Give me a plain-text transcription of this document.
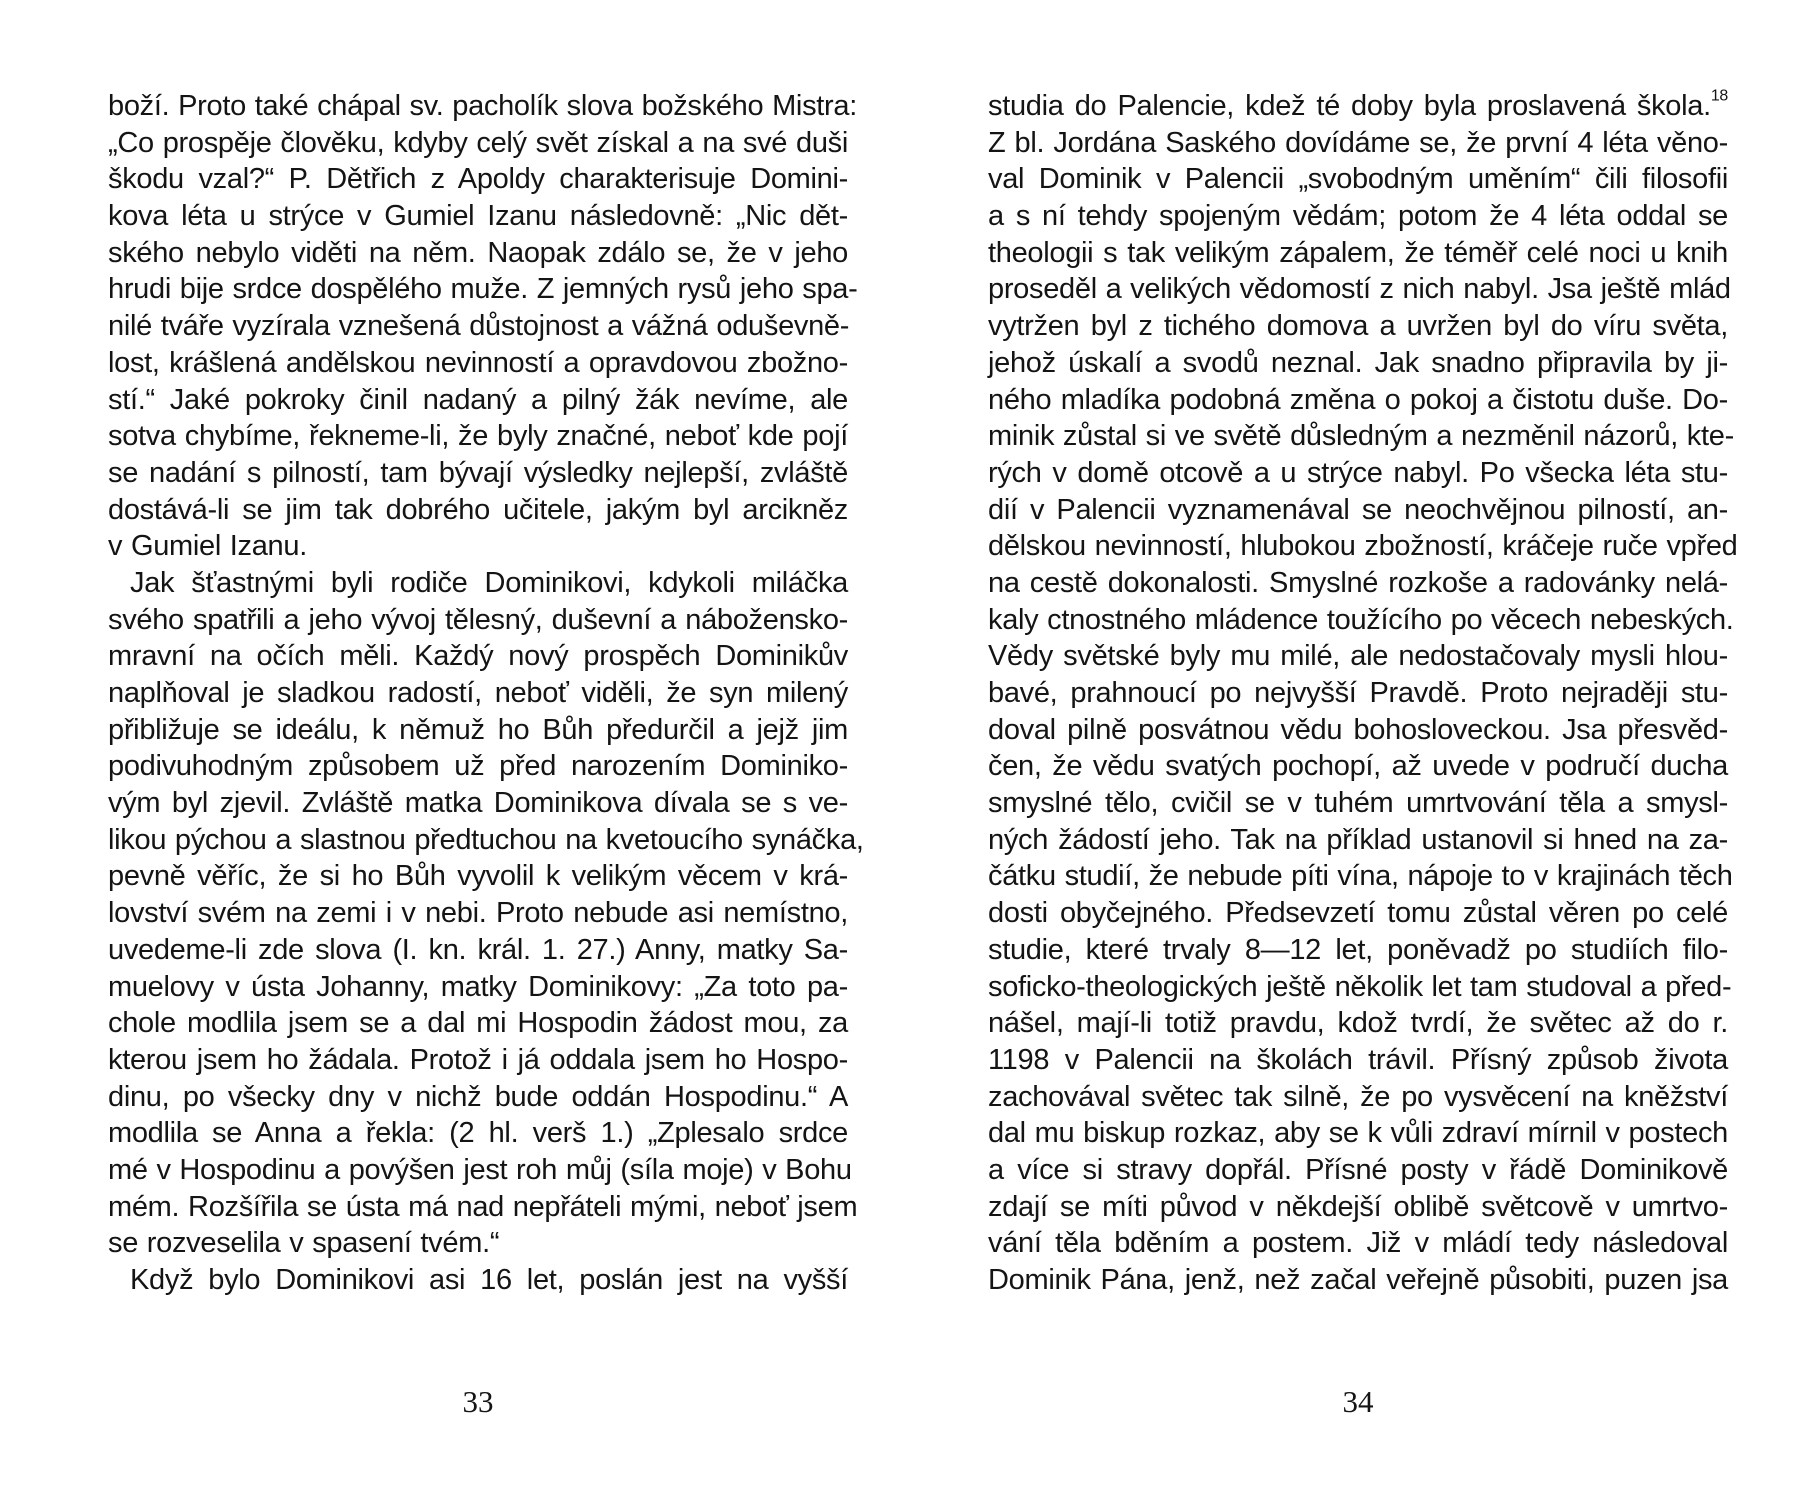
boží. Proto také chápal sv. pacholík slova božského Mistra:
„Co prospěje člověku, kdyby celý svět získal a na své duši
škodu vzal?“ P. Dětřich z Apoldy charakterisuje Domini-
kova léta u strýce v Gumiel Izanu následovně: „Nic dět-
ského nebylo viděti na něm. Naopak zdálo se, že v jeho
hrudi bije srdce dospělého muže. Z jemných rysů jeho spa-
nilé tváře vyzírala vznešená důstojnost a vážná oduševně-
lost, krášlená andělskou nevinností a opravdovou zbožno-
stí.“ Jaké pokroky činil nadaný a pilný žák nevíme, ale
sotva chybíme, řekneme-li, že byly značné, neboť kde pojí
se nadání s pilností, tam bývají výsledky nejlepší, zvláště
dostává-li se jim tak dobrého učitele, jakým byl arcikněz
v Gumiel Izanu.
Jak šťastnými byli rodiče Dominikovi, kdykoli miláčka
svého spatřili a jeho vývoj tělesný, duševní a nábožensko-
mravní na očích měli. Každý nový prospěch Dominikův
naplňoval je sladkou radostí, neboť viděli, že syn milený
přibližuje se ideálu, k němuž ho Bůh předurčil a jejž jim
podivuhodným způsobem už před narozením Dominiko-
vým byl zjevil. Zvláště matka Dominikova dívala se s ve-
likou pýchou a slastnou předtuchou na kvetoucího synáčka,
pevně věříc, že si ho Bůh vyvolil k velikým věcem v krá-
lovství svém na zemi i v nebi. Proto nebude asi nemístno,
uvedeme-li zde slova (I. kn. král. 1. 27.) Anny, matky Sa-
muelovy v ústa Johanny, matky Dominikovy: „Za toto pa-
chole modlila jsem se a dal mi Hospodin žádost mou, za
kterou jsem ho žádala. Protož i já oddala jsem ho Hospo-
dinu, po všecky dny v nichž bude oddán Hospodinu.“ A
modlila se Anna a řekla: (2 hl. verš 1.) „Zplesalo srdce
mé v Hospodinu a povýšen jest roh můj (síla moje) v Bohu
mém. Rozšířila se ústa má nad nepřáteli mými, neboť jsem
se rozveselila v spasení tvém.“
Když bylo Dominikovi asi 16 let, poslán jest na vyšší
33
studia do Palencie, kdež té doby byla proslavená škola.$^{18}$
Z bl. Jordána Saského dovídáme se, že první 4 léta věno-
val Dominik v Palencii „svobodným uměním“ čili filosofii
a s ní tehdy spojeným vědám; potom že 4 léta oddal se
theologii s tak velikým zápalem, že téměř celé noci u knih
proseděl a velikých vědomostí z nich nabyl. Jsa ještě mlád
vytržen byl z tichého domova a uvržen byl do víru světa,
jehož úskalí a svodů neznal. Jak snadno připravila by ji-
ného mladíka podobná změna o pokoj a čistotu duše. Do-
minik zůstal si ve světě důsledným a nezměnil názorů, kte-
rých v domě otcově a u strýce nabyl. Po všecka léta stu-
dií v Palencii vyznamenával se neochvějnou pilností, an-
dělskou nevinností, hlubokou zbožností, kráčeje ruče vpřed
na cestě dokonalosti. Smyslné rozkoše a radovánky nelá-
kaly ctnostného mládence toužícího po věcech nebeských.
Vědy světské byly mu milé, ale nedostačovaly mysli hlou-
bavé, prahnoucí po nejvyšší Pravdě. Proto nejraději stu-
doval pilně posvátnou vědu bohosloveckou. Jsa přesvěd-
čen, že vědu svatých pochopí, až uvede v područí ducha
smyslné tělo, cvičil se v tuhém umrtvování těla a smysl-
ných žádostí jeho. Tak na příklad ustanovil si hned na za-
čátku studií, že nebude píti vína, nápoje to v krajinách těch
dosti obyčejného. Předsevzetí tomu zůstal věren po celé
studie, které trvaly 8—12 let, poněvadž po studiích filo-
soficko-theologických ještě několik let tam studoval a před-
nášel, mají-li totiž pravdu, kdož tvrdí, že světec až do r.
1198 v Palencii na školách trávil. Přísný způsob života
zachovával světec tak silně, že po vysvěcení na kněžství
dal mu biskup rozkaz, aby se k vůli zdraví mírnil v postech
a více si stravy dopřál. Přísné posty v řádě Dominikově
zdají se míti původ v někdejší oblibě světcově v umrtvo-
vání těla bděním a postem. Již v mládí tedy následoval
Dominik Pána, jenž, než začal veřejně působiti, puzen jsa
34
